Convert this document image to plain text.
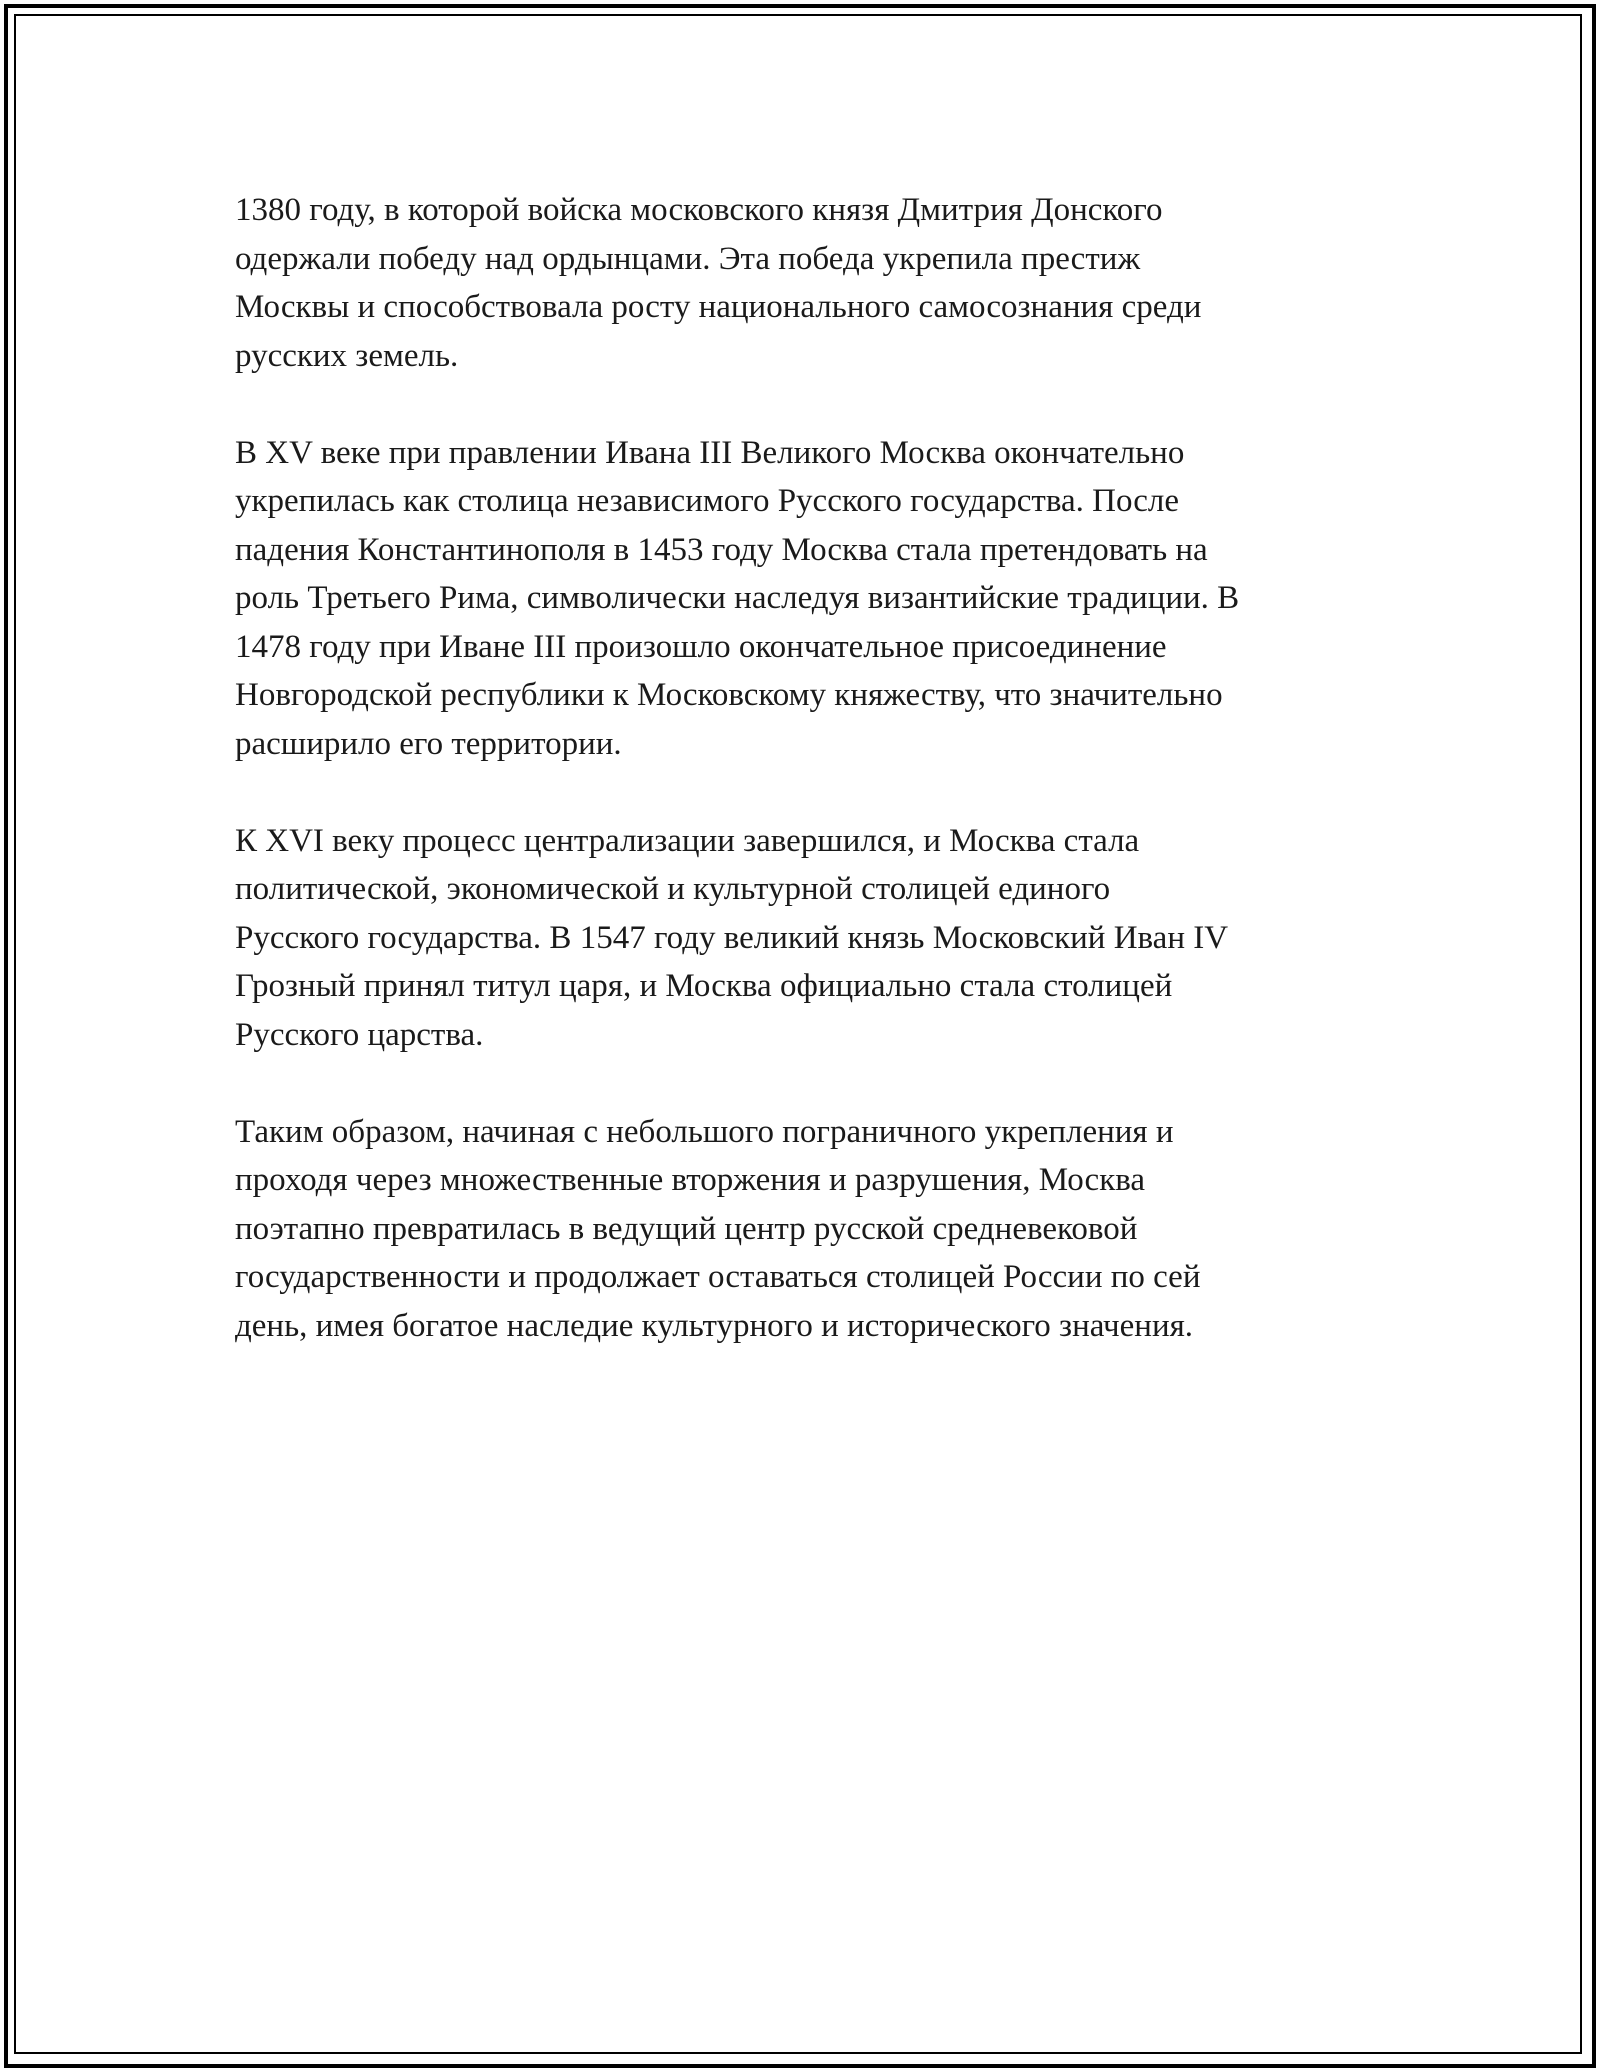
1380 году, в которой войска московского князя Дмитрия Донского
одержали победу над ордынцами. Эта победа укрепила престиж
Москвы и способствовала росту национального самосознания среди
русских земель.
В XV веке при правлении Ивана III Великого Москва окончательно
укрепилась как столица независимого Русского государства. После
падения Константинополя в 1453 году Москва стала претендовать на
роль Третьего Рима, символически наследуя византийские традиции. В
1478 году при Иване III произошло окончательное присоединение
Новгородской республики к Московскому княжеству, что значительно
расширило его территории.
К XVI веку процесс централизации завершился, и Москва стала
политической, экономической и культурной столицей единого
Русского государства. В 1547 году великий князь Московский Иван IV
Грозный принял титул царя, и Москва официально стала столицей
Русского царства.
Таким образом, начиная с небольшого пограничного укрепления и
проходя через множественные вторжения и разрушения, Москва
поэтапно превратилась в ведущий центр русской средневековой
государственности и продолжает оставаться столицей России по сей
день, имея богатое наследие культурного и исторического значения.
